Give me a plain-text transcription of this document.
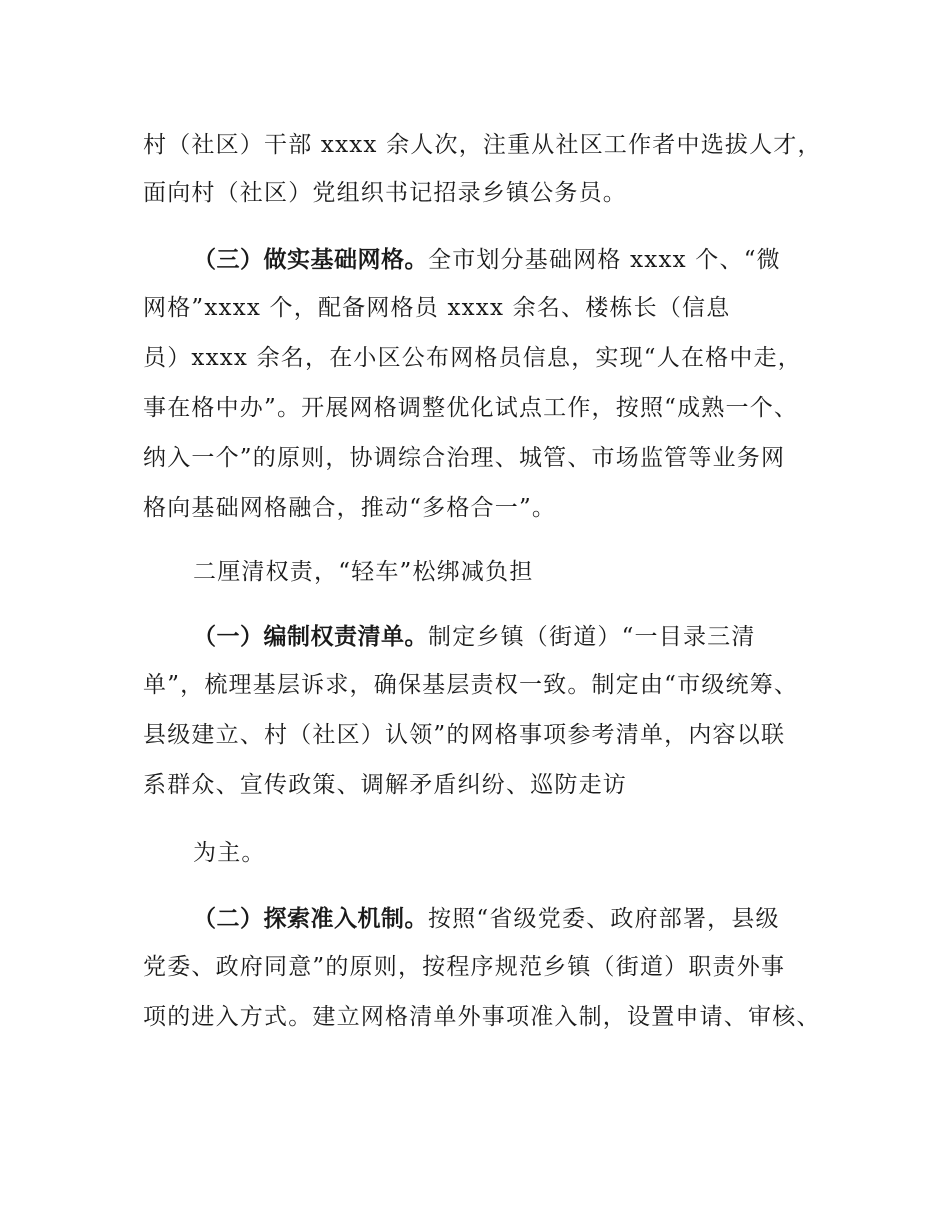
村（社区）干部 xxxx 余人次，注重从社区工作者中选拔人才，
面向村（社区）党组织书记招录乡镇公务员。
（三）做实基础网格。全市划分基础网格 xxxx 个、“微
网格”xxxx 个，配备网格员 xxxx 余名、楼栋长（信息
员）xxxx 余名，在小区公布网格员信息，实现“人在格中走，
事在格中办”。开展网格调整优化试点工作，按照“成熟一个、
纳入一个”的原则，协调综合治理、城管、市场监管等业务网
格向基础网格融合，推动“多格合一”。
二厘清权责，“轻车”松绑减负担
（一）编制权责清单。制定乡镇（街道）“一目录三清
单”，梳理基层诉求，确保基层责权一致。制定由“市级统筹、
县级建立、村（社区）认领”的网格事项参考清单，内容以联
系群众、宣传政策、调解矛盾纠纷、巡防走访
为主。
（二）探索准入机制。按照“省级党委、政府部署，县级
党委、政府同意”的原则，按程序规范乡镇（街道）职责外事
项的进入方式。建立网格清单外事项准入制，设置申请、审核、
